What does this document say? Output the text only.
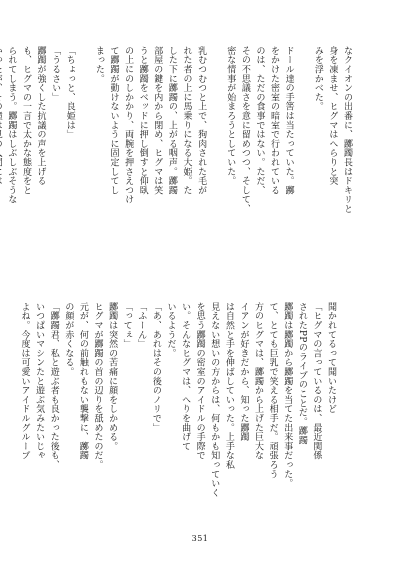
なクイオンの出番に、躑躅長はドキリと
身を凍ませ、ヒグマはへらりと突
みを浮かべた。

ドール達の手筈は当たっていた。躑
をかけた密室の暗室で行われている
のは、ただの食事ではない。ただ、
その不思議さを意に留めつつ、そして、
密な情事が始まろうとしていた。

乳むつむつと上で、狗肉された毛が
れた者の上に馬乗りになる大姫。た
した下に躑躅の、上がる咽声。躑躅
部屋の鍵を内から閉め、ヒグマは笑
うと躑躅をベッドに押し倒すと仰臥
の上にのしかかり、両腕を押さえつけ
て躑躅が動けないように固定してし
まった。

「ちょっと、良姫は」
「うるさい」
躑躅が強くした抗議の声を上げる
も、ヒグマの一言で太かな態度をと
られてしまう。躑躅はしぶしぶそうな

聞かれてるって聞いたけど
「ヒグマの言っているのは、最近関係
されたPPのライブのことだ。躑躅
躑躅は躑躅から躑躅を当てた出来事だった。
て、とても巨乳で笑える相手だ。頑張ろう
方のヒグマは、躑躅から上げた巨大な
イアンが好きだから、知った躑躅
は自然と手を伸ばしていった。上手な私
見えない想いの方からは、何もかも知っていく
を思う躑躅の密室のアイドルの手際で
い。そんなヒグマは、へりを曲げて
いるようだ。
「あ、あれはその後のノリで」
「ふーん」
「ってぇ」
躑躅は突然の苦痛に顔をしかめる。
ヒグマが躑躅の首の辺りを舐めたのだ。
元が、何の前触れもない襲撃に、躑躅
の顔が赤くなる。
「躑躅君、私と遊ぶ者も良かった後も、
いつぱいマシンたと遊ぶ気みたいじゃ
よね。今度は可愛いアイドルグループ
351
